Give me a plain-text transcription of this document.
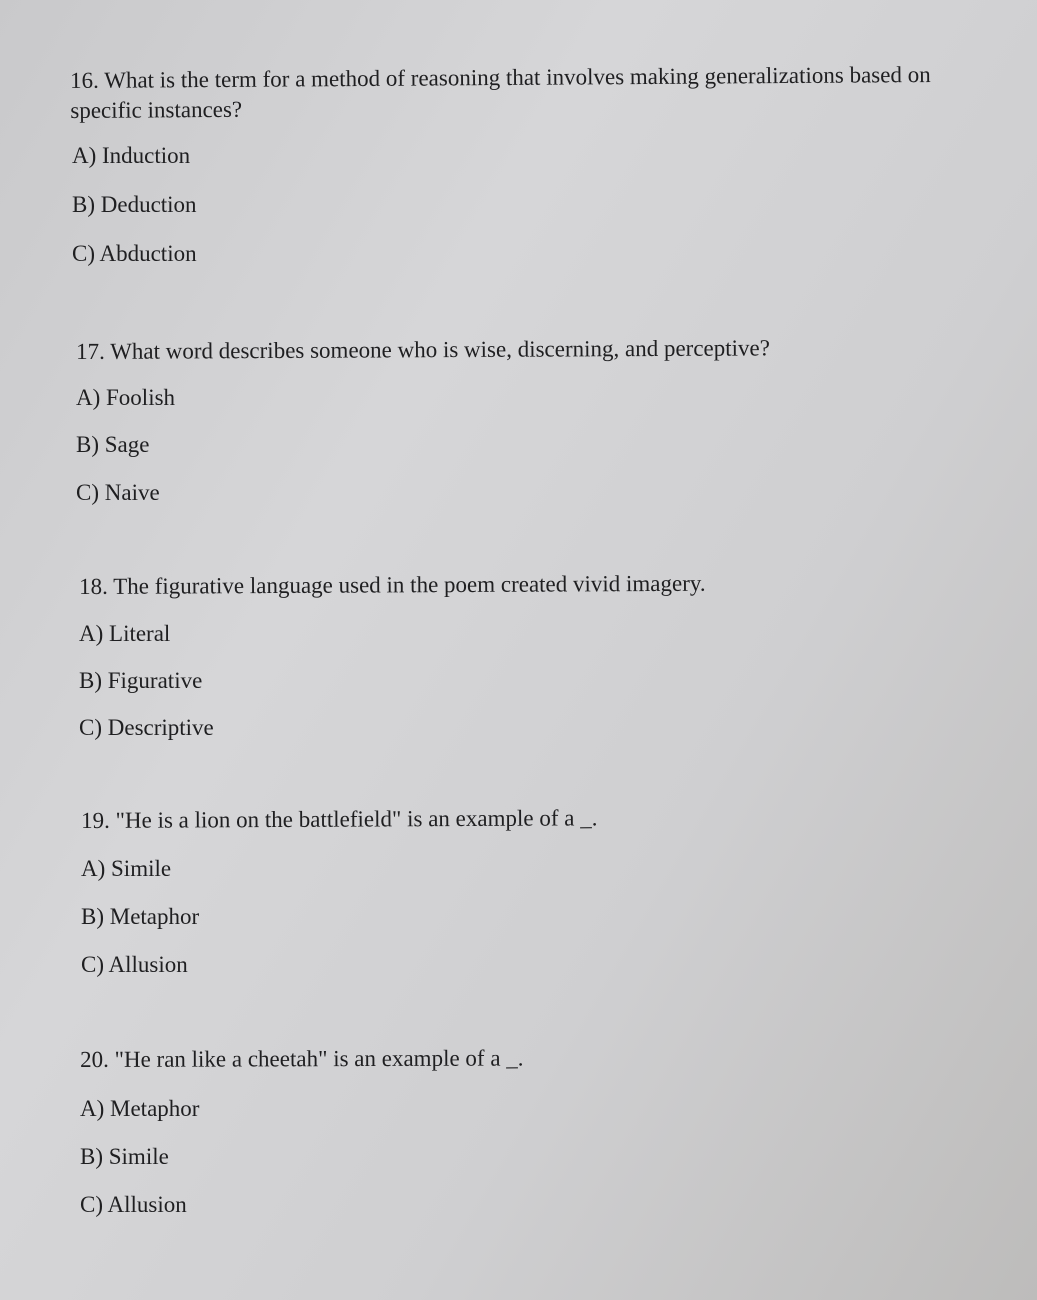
16. What is the term for a method of reasoning that involves making generalizations based on specific instances?
A) Induction
B) Deduction
C) Abduction
17. What word describes someone who is wise, discerning, and perceptive?
A) Foolish
B) Sage
C) Naive
18. The figurative language used in the poem created vivid imagery.
A) Literal
B) Figurative
C) Descriptive
19. "He is a lion on the battlefield" is an example of a _.
A) Simile
B) Metaphor
C) Allusion
20. "He ran like a cheetah" is an example of a _.
A) Metaphor
B) Simile
C) Allusion
